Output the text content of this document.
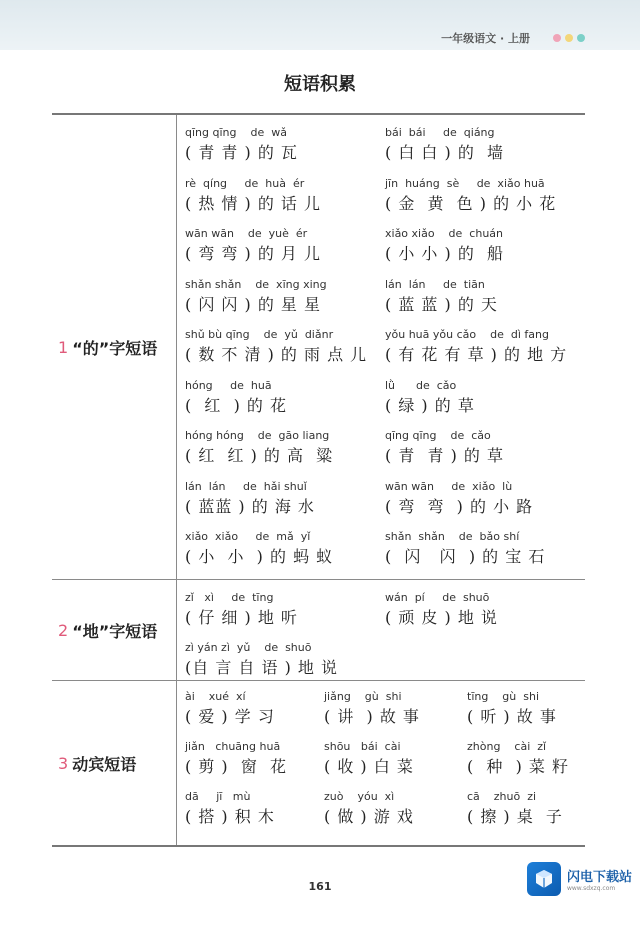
一年级语文 · 上册
短语积累
1 “的”字短语
qīng qīng    de  wǎ
( 青 青 ) 的 瓦
bái  bái     de  qiáng
( 白 白 ) 的  墙
rè  qíng     de  huà  ér
( 热 情 ) 的 话 儿
jīn  huáng  sè     de  xiǎo huā
( 金  黄  色 ) 的 小 花
wān wān    de  yuè  ér
( 弯 弯 ) 的 月 儿
xiǎo xiǎo    de  chuán
( 小 小 ) 的  船
shǎn shǎn    de  xīng xing
( 闪 闪 ) 的 星 星
lán  lán     de  tiān
( 蓝 蓝 ) 的 天
shǔ bù qīng    de  yǔ  diǎnr
( 数 不 清 ) 的 雨 点 儿
yǒu huā yǒu cǎo    de  dì fang
( 有 花 有 草 ) 的 地 方
hóng     de  huā
(  红  ) 的 花
lǜ      de  cǎo
( 绿 ) 的 草
hóng hóng    de  gāo liang
( 红  红 ) 的 高  粱
qīng qīng    de  cǎo
( 青  青 ) 的 草
lán  lán     de  hǎi shuǐ
( 蓝蓝 ) 的 海 水
wān wān     de  xiǎo  lù
( 弯  弯  ) 的 小 路
xiǎo  xiǎo     de  mǎ  yǐ
( 小  小  ) 的 蚂 蚁
shǎn  shǎn    de  bǎo shí
(  闪   闪  ) 的 宝 石
2 “地”字短语
zǐ   xì     de  tīng
( 仔 细 ) 地 听
wán  pí     de  shuō
( 顽 皮 ) 地 说
zì yán zì  yǔ    de  shuō
(自 言 自 语 ) 地 说
3 动宾短语
ài    xué  xí
( 爱 ) 学 习
jiǎng    gù  shi
( 讲  ) 故 事
tīng    gù  shi
( 听 ) 故 事
jiǎn   chuāng huā
( 剪 )  窗  花
shōu   bái  cài
( 收 ) 白 菜
zhòng    cài  zǐ
(  种  ) 菜 籽
dā     jī   mù
( 搭 ) 积 木
zuò    yóu  xì
( 做 ) 游 戏
cā    zhuō  zi
( 擦 ) 桌  子
161
闪电下载站
www.sdxzq.com
